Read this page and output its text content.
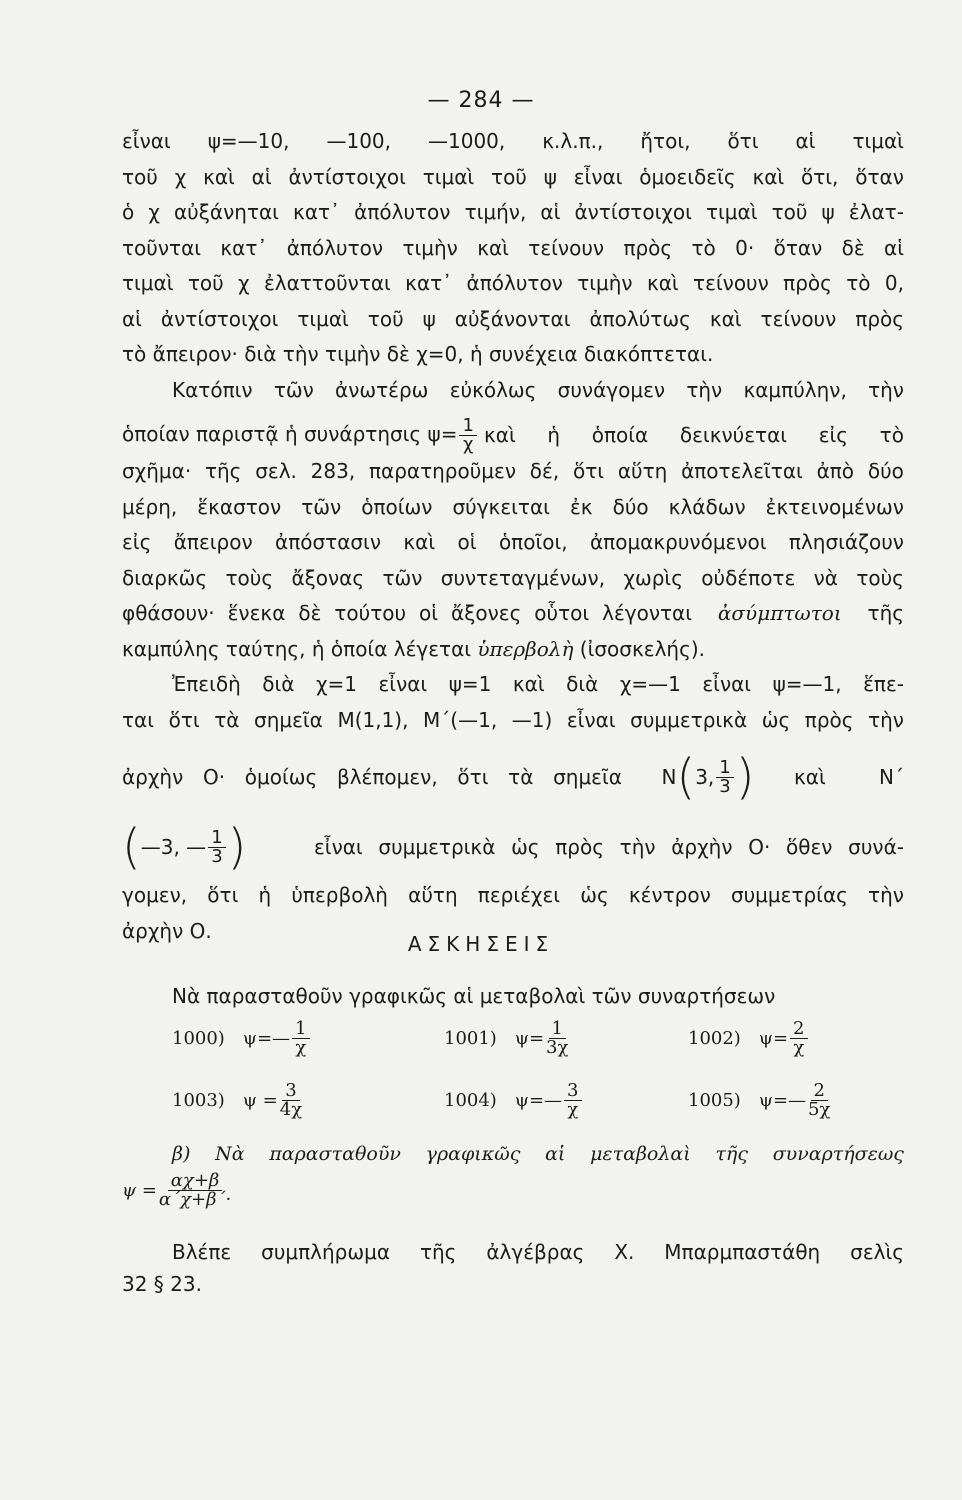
— 284 —
εἶναι ψ=—10, —100, —1000, κ.λ.π., ἤτοι, ὅτι αἱ τιμαὶ
τοῦ χ καὶ αἱ ἀντίστοιχοι τιμαὶ τοῦ ψ εἶναι ὁμοειδεῖς καὶ ὅτι, ὅταν
ὁ χ αὐξάνηται κατ᾽ ἀπόλυτον τιμήν, αἱ ἀντίστοιχοι τιμαὶ τοῦ ψ ἐλατ-
τοῦνται κατ᾽ ἀπόλυτον τιμὴν καὶ τείνουν πρὸς τὸ 0· ὅταν δὲ αἱ
τιμαὶ τοῦ χ ἐλαττοῦνται κατ᾽ ἀπόλυτον τιμὴν καὶ τείνουν πρὸς τὸ 0,
αἱ ἀντίστοιχοι τιμαὶ τοῦ ψ αὐξάνονται ἀπολύτως καὶ τείνουν πρὸς
τὸ ἄπειρον· διὰ τὴν τιμὴν δὲ χ=0, ἡ συνέχεια διακόπτεται.
Κατόπιν τῶν ἀνωτέρω εὐκόλως συνάγομεν τὴν καμπύλην, τὴν
ὁποίαν παριστᾷ ἡ συνάρτησις $\psi= \frac{1}{\chi}$ καὶ ἡ ὁποία δεικνύεται εἰς τὸ
σχῆμα· τῆς σελ. 283, παρατηροῦμεν δέ, ὅτι αὕτη ἀποτελεῖται ἀπὸ δύο
μέρη, ἕκαστον τῶν ὁποίων σύγκειται ἐκ δύο κλάδων ἐκτεινομένων
εἰς ἄπειρον ἀπόστασιν καὶ οἱ ὁποῖοι, ἀπομακρυνόμενοι πλησιάζουν
διαρκῶς τοὺς ἄξονας τῶν συντεταγμένων, χωρὶς οὐδέποτε νὰ τοὺς
φθάσουν· ἕνεκα δὲ τούτου οἱ ἄξονες οὗτοι λέγονται ἀσύμπτωτοι τῆς
καμπύλης ταύτης, ἡ ὁποία λέγεται ὑπερβολὴ (ἰσοσκελής).
Ἐπειδὴ διὰ χ=1 εἶναι ψ=1 καὶ διὰ χ=—1 εἶναι ψ=—1, ἕπε-
ται ὅτι τὰ σημεῖα Μ(1,1), Μ΄(—1, —1) εἶναι συμμετρικὰ ὡς πρὸς τὴν
ἀρχὴν Ο· ὁμοίως βλέπομεν, ὅτι τὰ σημεῖα Ν ( 3, $\frac{1}{3}$ ) καὶ	Ν΄
( —3, — $\frac{1}{3}$ )	εἶναι συμμετρικὰ ὡς πρὸς τὴν ἀρχὴν Ο· ὅθεν συνά-
γομεν, ὅτι ἡ ὑπερβολὴ αὕτη περιέχει ὡς κέντρον συμμετρίας τὴν
ἀρχὴν Ο.
ΑΣΚΗΣΕΙΣ
Νὰ παρασταθοῦν γραφικῶς αἱ μεταβολαὶ τῶν συναρτήσεων
1000) ψ=— $\frac{1}{\chi}$	1001) $\psi= \frac{1}{3\chi}$	1002) $\psi= \frac{2}{\chi}$
1003) $\psi = \frac{3}{4\chi}$	1004) ψ=— $\frac{3}{\chi}$	1005) ψ=— $\frac{2}{5\chi}$
β) Νὰ παρασταθοῦν γραφικῶς αἱ μεταβολαὶ τῆς συναρτήσεως
$\psi = \frac{\alpha\chi+\beta}{\alpha΄\chi+\beta΄\cdot}$
Βλέπε συμπλήρωμα τῆς ἀλγέβρας Χ. Μπαρμπαστάθη σελὶς
32 § 23.
